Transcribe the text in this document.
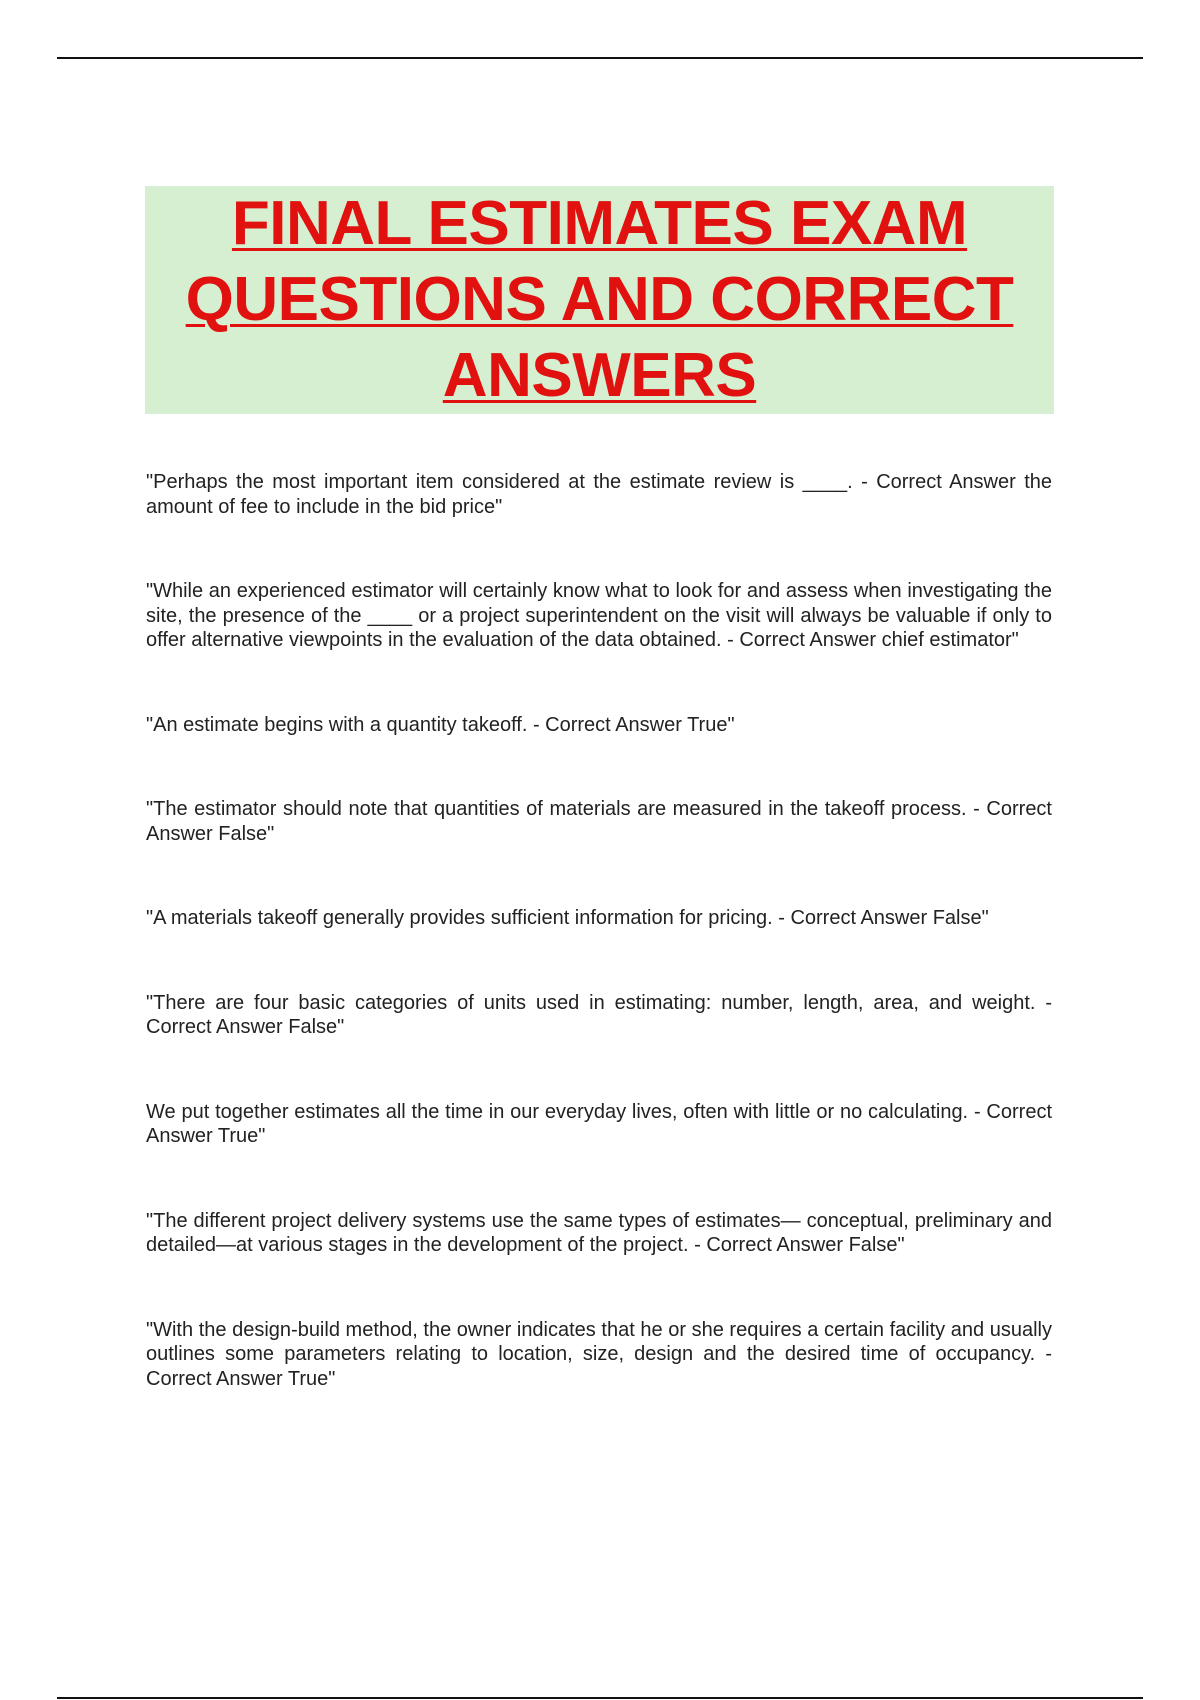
FINAL ESTIMATES EXAM QUESTIONS AND CORRECT ANSWERS
"Perhaps the most important item considered at the estimate review is ____. - Correct Answer the amount of fee to include in the bid price"
"While an experienced estimator will certainly know what to look for and assess when investigating the site, the presence of the ____ or a project superintendent on the visit will always be valuable if only to offer alternative viewpoints in the evaluation of the data obtained. - Correct Answer chief estimator"
"An estimate begins with a quantity takeoff. - Correct Answer True"
"The estimator should note that quantities of materials are measured in the takeoff process. - Correct Answer False"
"A materials takeoff generally provides sufficient information for pricing. - Correct Answer False"
"There are four basic categories of units used in estimating: number, length, area, and weight. - Correct Answer False"
We put together estimates all the time in our everyday lives, often with little or no calculating. - Correct Answer True"
"The different project delivery systems use the same types of estimates— conceptual, preliminary and detailed—at various stages in the development of the project. - Correct Answer False"
"With the design-build method, the owner indicates that he or she requires a certain facility and usually outlines some parameters relating to location, size, design and the desired time of occupancy. - Correct Answer True"
